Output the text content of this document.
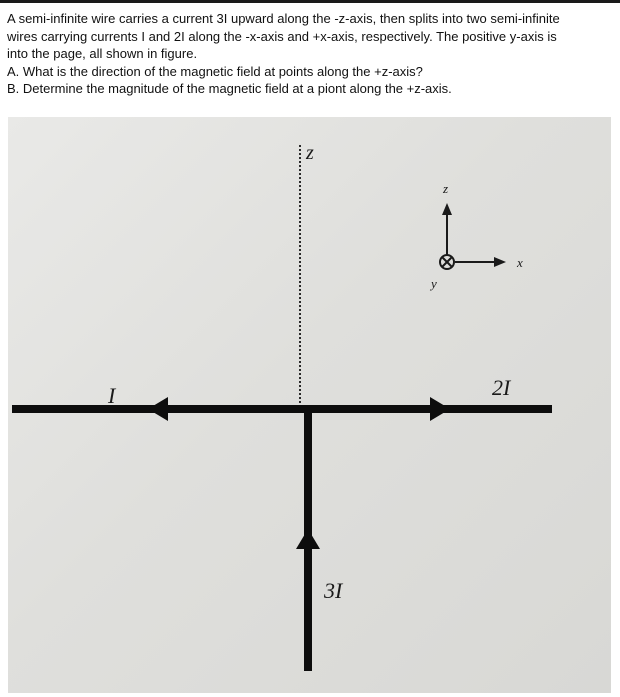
A semi-infinite wire carries a current 3I upward along the -z-axis, then splits into two semi-infinite

wires carrying currents I and 2I along the -x-axis and +x-axis, respectively. The positive y-axis is

into the page, all shown in figure.

A. What is the direction of the magnetic field at points along the +z-axis?

B. Determine the magnitude of the magnetic field at a piont along the +z-axis.

z
I	2I
3I
z
x
y
